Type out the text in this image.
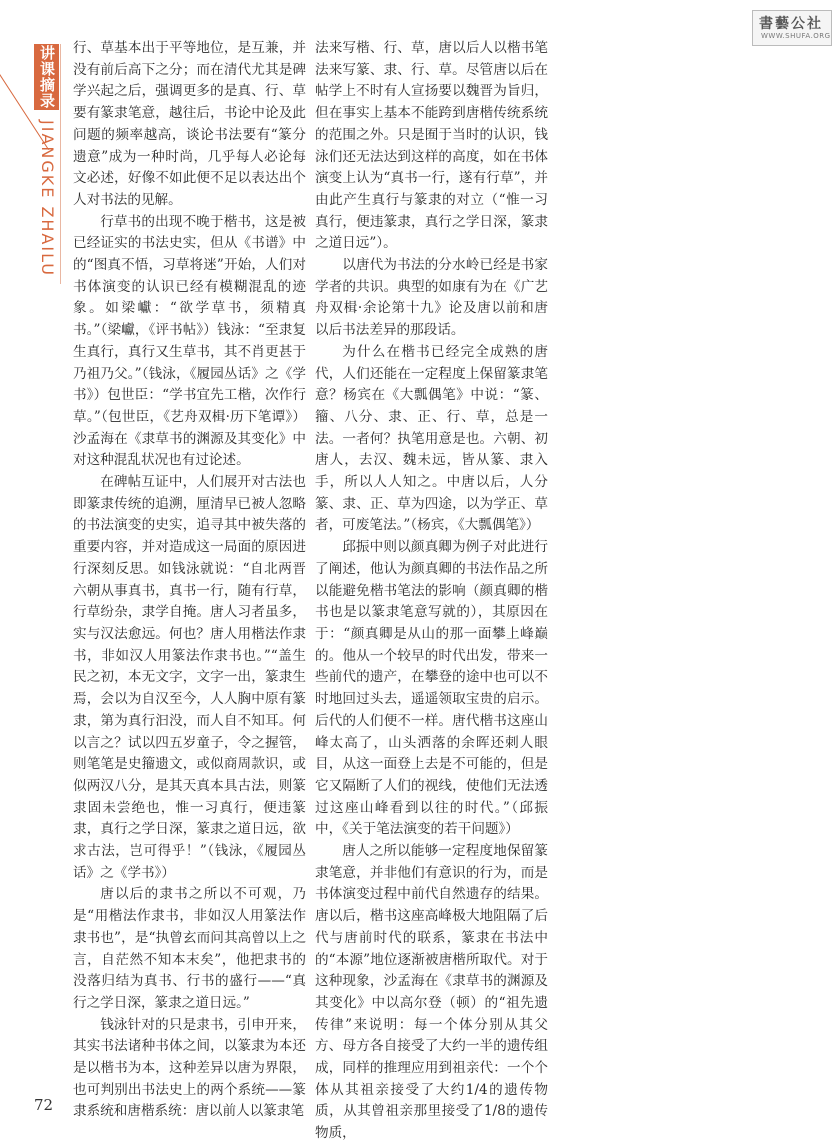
讲课摘录
JIANGKE ZHAILU
書藝公社
WWW.SHUFA.ORG

行、草基本出于平等地位，是互兼，并没有前后高下之分；而在清代尤其是碑学兴起之后，强调更多的是真、行、草要有篆隶笔意，越往后，书论中论及此问题的频率越高，谈论书法要有“篆分遗意”成为一种时尚，几乎每人必论每文必述，好像不如此便不足以表达出个人对书法的见解。

行草书的出现不晚于楷书，这是被已经证实的书法史实，但从《书谱》中的“图真不悟，习草将迷”开始，人们对书体演变的认识已经有模糊混乱的迹象。如梁巘：“欲学草书，须精真书。”（梁巘，《评书帖》）钱泳：“至隶复生真行，真行又生草书，其不肖更甚于乃祖乃父。”（钱泳，《履园丛话》之《学书》）包世臣：“学书宜先工楷，次作行草。”（包世臣，《艺舟双楫·历下笔谭》）沙孟海在《隶草书的渊源及其变化》中对这种混乱状况也有过论述。

在碑帖互证中，人们展开对古法也即篆隶传统的追溯，厘清早已被人忽略的书法演变的史实，追寻其中被失落的重要内容，并对造成这一局面的原因进行深刻反思。如钱泳就说：“自北两晋六朝从事真书，真书一行，随有行草，行草纷杂，隶学自掩。唐人习者虽多，实与汉法愈远。何也？唐人用楷法作隶书，非如汉人用篆法作隶书也。”“盖生民之初，本无文字，文字一出，篆隶生焉，会以为自汉至今，人人胸中原有篆隶，第为真行汩没，而人自不知耳。何以言之？试以四五岁童子，令之握管，则笔笔是史籀遗文，或似商周款识，或似两汉八分，是其天真本具古法，则篆隶固未尝绝也，惟一习真行，便违篆隶，真行之学日深，篆隶之道日远，欲求古法，岂可得乎！”（钱泳，《履园丛话》之《学书》）

唐以后的隶书之所以不可观，乃是“用楷法作隶书，非如汉人用篆法作隶书也”，是“执曾玄而问其高曾以上之言，自茫然不知本末矣”，他把隶书的没落归结为真书、行书的盛行——“真行之学日深，篆隶之道日远。”

钱泳针对的只是隶书，引申开来，其实书法诸种书体之间，以篆隶为本还是以楷书为本，这种差异以唐为界限，也可判别出书法史上的两个系统——篆隶系统和唐楷系统：唐以前人以篆隶笔

法来写楷、行、草，唐以后人以楷书笔法来写篆、隶、行、草。尽管唐以后在帖学上不时有人宣扬要以魏晋为旨归，但在事实上基本不能跨到唐楷传统系统的范围之外。只是囿于当时的认识，钱泳们还无法达到这样的高度，如在书体演变上认为“真书一行，遂有行草”，并由此产生真行与篆隶的对立（“惟一习真行，便违篆隶，真行之学日深，篆隶之道日远”）。

以唐代为书法的分水岭已经是书家学者的共识。典型的如康有为在《广艺舟双楫·余论第十九》论及唐以前和唐以后书法差异的那段话。

为什么在楷书已经完全成熟的唐代，人们还能在一定程度上保留篆隶笔意？杨宾在《大瓢偶笔》中说：“篆、籀、八分、隶、正、行、草，总是一法。一者何？执笔用意是也。六朝、初唐人，去汉、魏未远，皆从篆、隶入手，所以人人知之。中唐以后，人分篆、隶、正、草为四途，以为学正、草者，可废笔法。”（杨宾，《大瓢偶笔》）

邱振中则以颜真卿为例子对此进行了阐述，他认为颜真卿的书法作品之所以能避免楷书笔法的影响（颜真卿的楷书也是以篆隶笔意写就的），其原因在于：“颜真卿是从山的那一面攀上峰巅的。他从一个较早的时代出发，带来一些前代的遗产，在攀登的途中也可以不时地回过头去，遥遥领取宝贵的启示。后代的人们便不一样。唐代楷书这座山峰太高了，山头洒落的余晖还刺人眼目，从这一面登上去是不可能的，但是它又隔断了人们的视线，使他们无法透过这座山峰看到以往的时代。”（邱振中，《关于笔法演变的若干问题》）

唐人之所以能够一定程度地保留篆隶笔意，并非他们有意识的行为，而是书体演变过程中前代自然遗存的结果。唐以后，楷书这座高峰极大地阻隔了后代与唐前时代的联系，篆隶在书法中的“本源”地位逐渐被唐楷所取代。对于这种现象，沙孟海在《隶草书的渊源及其变化》中以高尔登（顿）的“祖先遗传律”来说明：每一个体分别从其父方、母方各自接受了大约一半的遗传组成，同样的推理应用到祖亲代：一个个体从其祖亲接受了大约1/4的遗传物质，从其曾祖亲那里接受了1/8的遗传物质，

72
